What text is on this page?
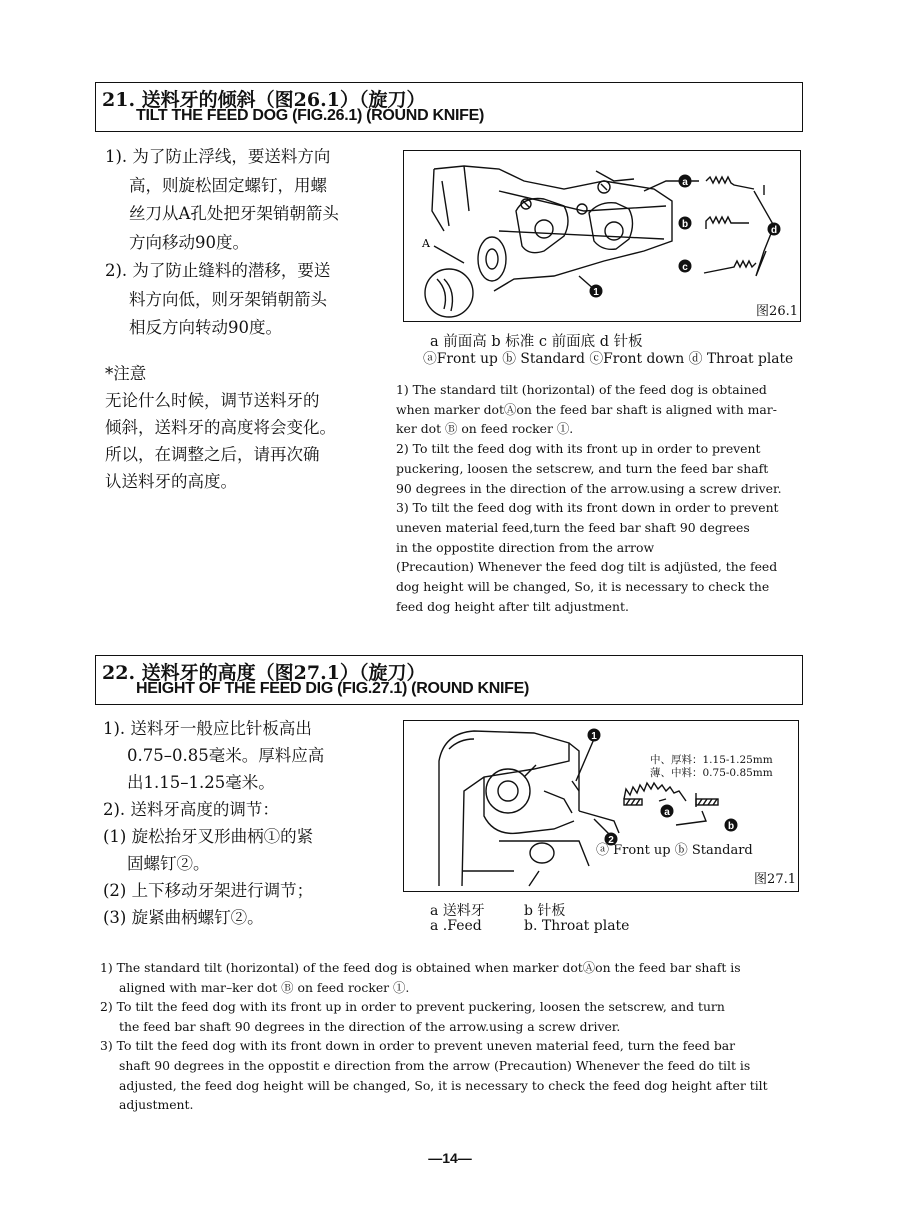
21. 送料牙的倾斜（图26.1）（旋刀）
TILT THE FEED DOG (FIG.26.1) (ROUND KNIFE)
1). 为了防止浮线，要送料方向
高，则旋松固定螺钉，用螺
丝刀从A孔处把牙架销朝箭头
方向移动90度。
2). 为了防止缝料的潜移，要送
料方向低，则牙架销朝箭头
相反方向转动90度。
*注意
无论什么时候，调节送料牙的
倾斜，送料牙的高度将会变化。
所以，在调整之后，请再次确
认送料牙的高度。
a
b
c
d
1
A
图26.1
a 前面高 b 标准 c 前面底 d 针板
ⓐFront up ⓑ Standard ⓒFront down ⓓ Throat plate
1) The standard tilt (horizontal) of the feed dog is obtained
when marker dotⒶon the feed bar shaft is aligned with mar-
ker dot Ⓑ on feed rocker ①.
2) To tilt the feed dog with its front up in order to prevent
puckering, loosen the setscrew, and turn the feed bar shaft
90 degrees in the direction of the arrow.using a screw driver.
3) To tilt the feed dog with its front down in order to prevent
uneven material feed,turn the feed bar shaft 90 degrees
in the oppostite direction from the arrow
(Precaution) Whenever the feed dog tilt is adjüsted, the feed
dog height will be changed, So, it is necessary to check the
feed dog height after tilt adjustment.
22. 送料牙的高度（图27.1）（旋刀）
HEIGHT OF THE FEED DIG (FIG.27.1) (ROUND KNIFE)
1). 送料牙一般应比针板高出
0.75–0.85毫米。厚料应高
出1.15–1.25毫米。
2). 送料牙高度的调节：
(1) 旋松抬牙叉形曲柄①的紧
固螺钉②。
(2) 上下移动牙架进行调节；
(3) 旋紧曲柄螺钉②。
1
2
a
b
中、厚料：1.15-1.25mm
薄、中料：0.75-0.85mm
ⓐ Front up ⓑ Standard
图27.1
a 送料牙	b 针板
a .Feed	b. Throat plate
1) The standard tilt (horizontal) of the feed dog is obtained when marker dotⒶon the feed bar shaft is
aligned with mar–ker dot Ⓑ on feed rocker ①.
2) To tilt the feed dog with its front up in order to prevent puckering, loosen the setscrew, and turn
the feed bar shaft 90 degrees in the direction of the arrow.using a screw driver.
3) To tilt the feed dog with its front down in order to prevent uneven material feed, turn the feed bar
shaft 90 degrees in the oppostit e direction from the arrow (Precaution) Whenever the feed do tilt is
adjusted, the feed dog height will be changed, So, it is necessary to check the feed dog height after tilt
adjustment.
—14—
